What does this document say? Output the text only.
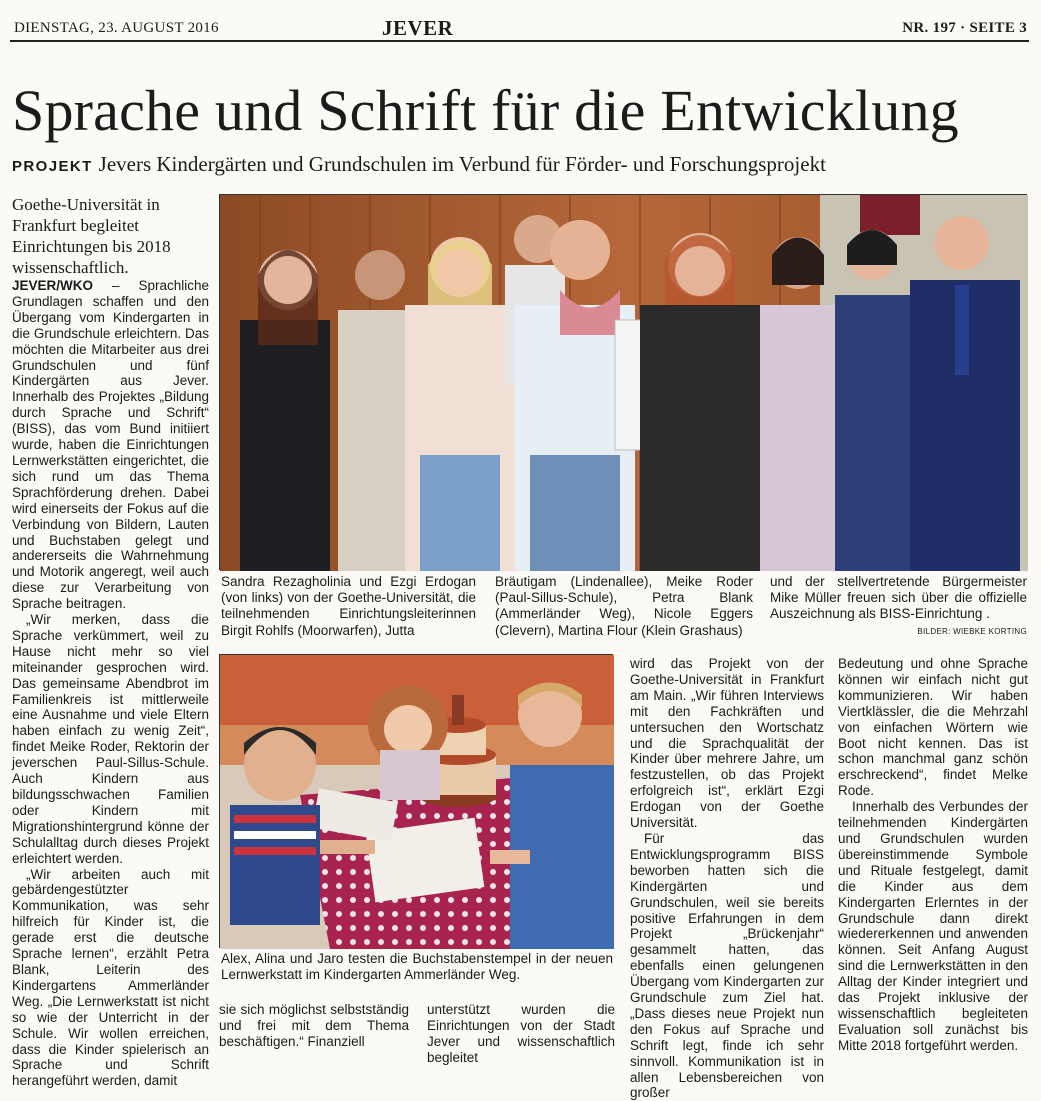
DIENSTAG, 23. AUGUST 2016	JEVER	NR. 197 · SEITE 3
Sprache und Schrift für die Entwicklung
PROJEKT Jevers Kindergärten und Grundschulen im Verbund für Förder- und Forschungsprojekt
Goethe-Universität in Frankfurt begleitet Einrichtungen bis 2018 wissenschaftlich.

JEVER/WKO – Sprachliche Grundlagen schaffen und den Übergang vom Kindergarten in die Grundschule erleichtern. Das möchten die Mitarbeiter aus drei Grundschulen und fünf Kindergärten aus Jever. Innerhalb des Projektes „Bildung durch Sprache und Schrift“ (BISS), das vom Bund initiiert wurde, haben die Einrichtungen Lernwerkstätten eingerichtet, die sich rund um das Thema Sprachförderung drehen. Dabei wird einerseits der Fokus auf die Verbindung von Bildern, Lauten und Buchstaben gelegt und andererseits die Wahrnehmung und Motorik angeregt, weil auch diese zur Verarbeitung von Sprache beitragen.

„Wir merken, dass die Sprache verkümmert, weil zu Hause nicht mehr so viel miteinander gesprochen wird. Das gemeinsame Abendbrot im Familienkreis ist mittlerweile eine Ausnahme und viele Eltern haben einfach zu wenig Zeit“, findet Meike Roder, Rektorin der jeverschen Paul-Sillus-Schule. Auch Kindern aus bildungsschwachen Familien oder Kindern mit Migrationshintergrund könne der Schulalltag durch dieses Projekt erleichtert werden.

„Wir arbeiten auch mit gebärdengestützter Kommunikation, was sehr hilfreich für Kinder ist, die gerade erst die deutsche Sprache lernen“, erzählt Petra Blank, Leiterin des Kindergartens Ammerländer Weg. „Die Lernwerkstatt ist nicht so wie der Unterricht in der Schule. Wir wollen erreichen, dass die Kinder spielerisch an Sprache und Schrift herangeführt werden, damit

Sandra Rezagholinia und Ezgi Erdogan (von links) von der Goethe-Universität, die teilnehmenden Einrichtungsleiterinnen Birgit Rohlfs (Moorwarfen), Jutta
Bräutigam (Lindenallee), Meike Roder (Paul-Sillus-Schule), Petra Blank (Ammerländer Weg), Nicole Eggers (Clevern), Martina Flour (Klein Grashaus)
und der stellvertretende Bürgermeister Mike Müller freuen sich über die offizielle Auszeichnung als BISS-Einrichtung .
BILDER: WIEBKE KORTING
Alex, Alina und Jaro testen die Buchstabenstempel in der neuen Lernwerkstatt im Kindergarten Ammerländer Weg.

sie sich möglichst selbstständig und frei mit dem Thema beschäftigen.“ Finanziell

unterstützt wurden die Einrichtungen von der Stadt Jever und wissenschaftlich begleitet

wird das Projekt von der Goethe-Universität in Frankfurt am Main. „Wir führen Interviews mit den Fachkräften und untersuchen den Wortschatz und die Sprachqualität der Kinder über mehrere Jahre, um festzustellen, ob das Projekt erfolgreich ist“, erklärt Ezgi Erdogan von der Goethe Universität.

Für das Entwicklungsprogramm BISS beworben hatten sich die Kindergärten und Grundschulen, weil sie bereits positive Erfahrungen in dem Projekt „Brückenjahr“ gesammelt hatten, das ebenfalls einen gelungenen Übergang vom Kindergarten zur Grundschule zum Ziel hat. „Dass dieses neue Projekt nun den Fokus auf Sprache und Schrift legt, finde ich sehr sinnvoll. Kommunikation ist in allen Lebensbereichen von großer

Bedeutung und ohne Sprache können wir einfach nicht gut kommunizieren. Wir haben Viertklässler, die die Mehrzahl von einfachen Wörtern wie Boot nicht kennen. Das ist schon manchmal ganz schön erschreckend“, findet Melke Rode.

Innerhalb des Verbundes der teilnehmenden Kindergärten und Grundschulen wurden übereinstimmende Symbole und Rituale festgelegt, damit die Kinder aus dem Kindergarten Erlerntes in der Grundschule dann direkt wiedererkennen und anwenden können. Seit Anfang August sind die Lernwerkstätten in den Alltag der Kinder integriert und das Projekt inklusive der wissenschaftlich begleiteten Evaluation soll zunächst bis Mitte 2018 fortgeführt werden.
